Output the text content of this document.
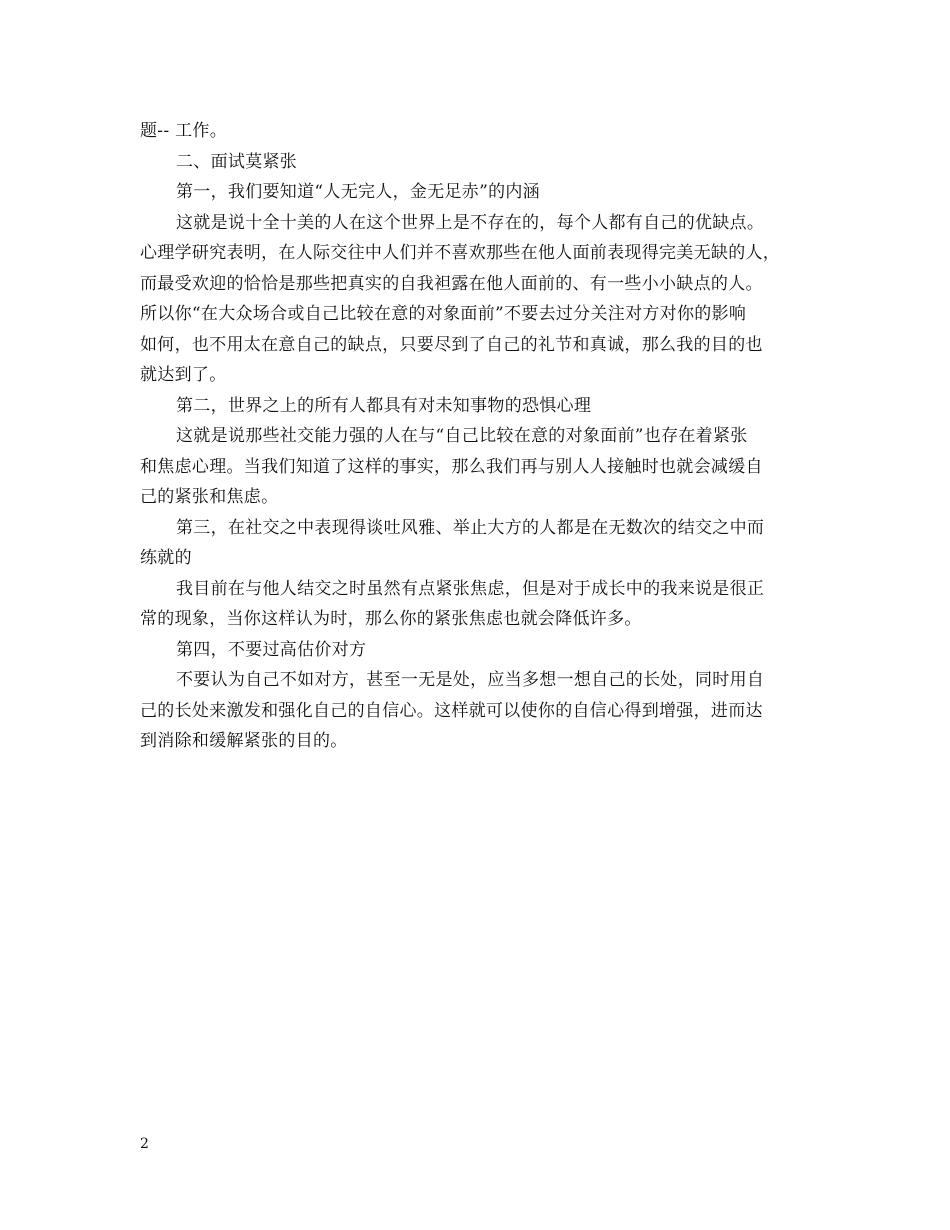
题-- 工作。
二、面试莫紧张
第一，我们要知道“人无完人，金无足赤”的内涵
这就是说十全十美的人在这个世界上是不存在的，每个人都有自己的优缺点。
心理学研究表明，在人际交往中人们并不喜欢那些在他人面前表现得完美无缺的人，
而最受欢迎的恰恰是那些把真实的自我袒露在他人面前的、有一些小小缺点的人。
所以你“在大众场合或自己比较在意的对象面前”不要去过分关注对方对你的影响
如何，也不用太在意自己的缺点，只要尽到了自己的礼节和真诚，那么我的目的也
就达到了。
第二，世界之上的所有人都具有对未知事物的恐惧心理
这就是说那些社交能力强的人在与“自己比较在意的对象面前”也存在着紧张
和焦虑心理。当我们知道了这样的事实，那么我们再与别人人接触时也就会减缓自
己的紧张和焦虑。
第三，在社交之中表现得谈吐风雅、举止大方的人都是在无数次的结交之中而
练就的
我目前在与他人结交之时虽然有点紧张焦虑，但是对于成长中的我来说是很正
常的现象，当你这样认为时，那么你的紧张焦虑也就会降低许多。
第四，不要过高估价对方
不要认为自己不如对方，甚至一无是处，应当多想一想自己的长处，同时用自
己的长处来激发和强化自己的自信心。这样就可以使你的自信心得到增强，进而达
到消除和缓解紧张的目的。
2
